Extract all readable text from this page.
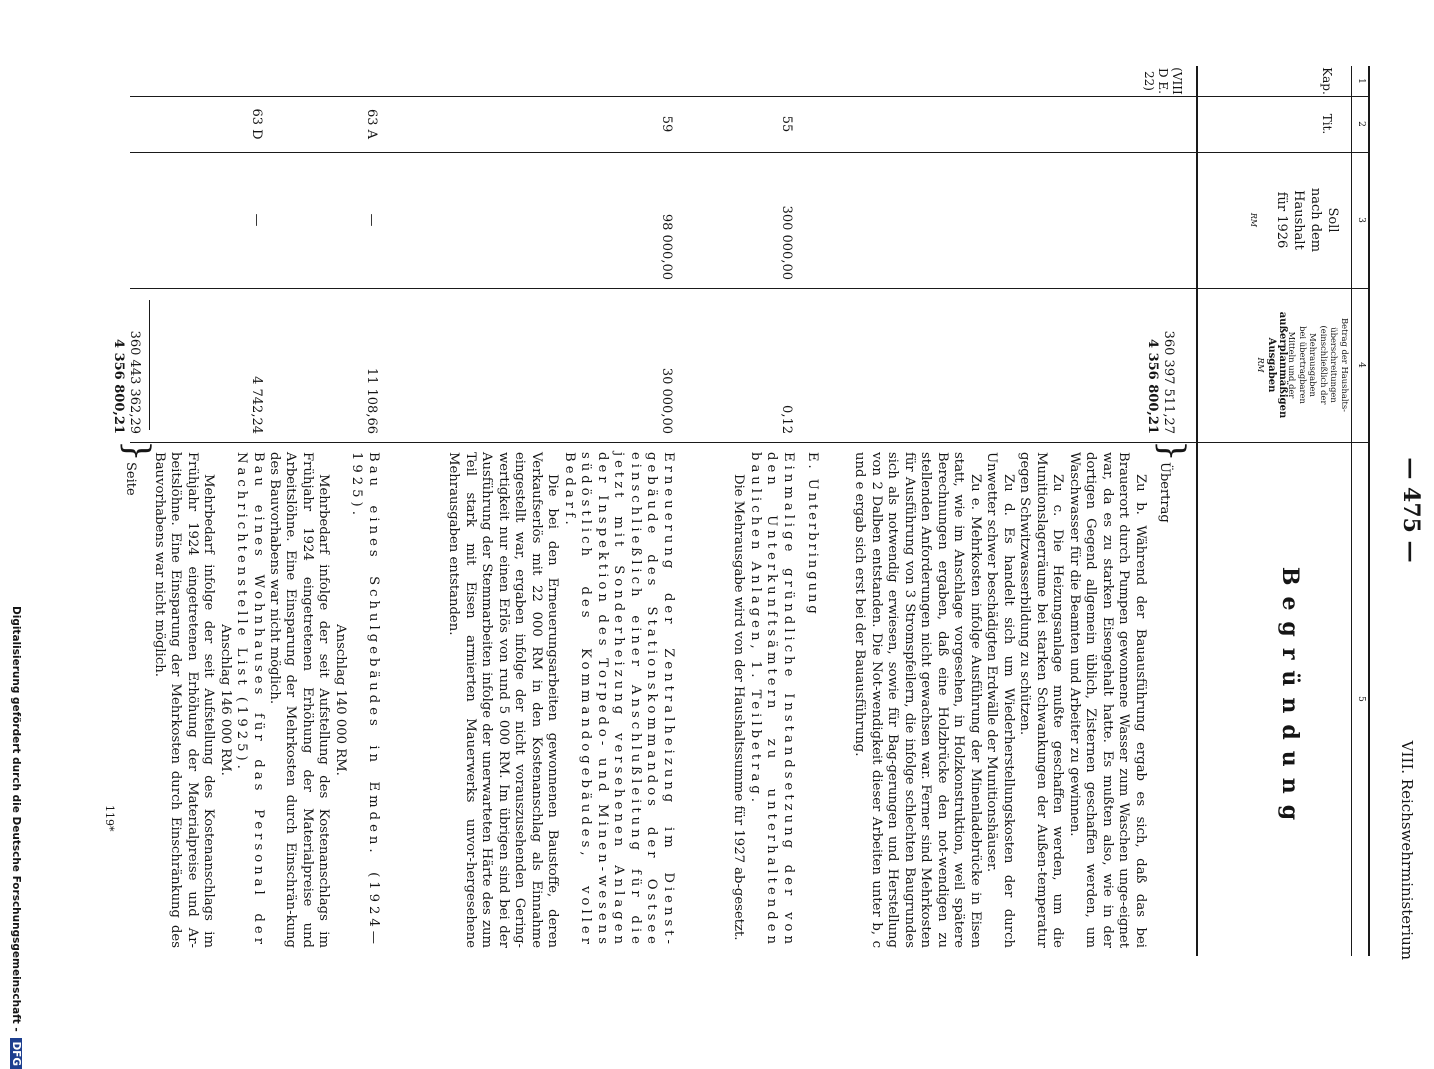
— 475 —
VIII. Reichswehrministerium
1
2
3
4
5
Kap.
Tit.
Soll
nach dem
Haushalt
für 1926
RM
Betrag der Haushalts-
überschreitungen
(einschließlich der
Mehrausgaben
bei übertragbaren
Mitteln und der
außerplanmäßigen
Ausgaben
RM
Begründung
(VIII D E. 22)
360 397 511,27
4 356 800,21
}
Übertrag

Zu b. Während der Bauausführung ergab es sich, daß das bei Brauerort durch Pumpen gewonnene Wasser zum Waschen unge-eignet war, da es zu starken Eisengehalt hatte. Es mußten also, wie in der dortigen Gegend allgemein üblich, Zisternen geschaffen werden, um Waschwasser für die Beamten und Arbeiter zu gewinnen.

Zu c. Die Heizungsanlage mußte geschaffen werden, um die Munitionslagerräume bei starken Schwankungen der Außen-temperatur gegen Schwitzwasserbildung zu schützen.

Zu d. Es handelt sich um Wiederherstellungskosten der durch Unwetter schwer beschädigten Erdwälle der Munitionshäuser.

Zu e. Mehrkosten infolge Ausführung der Minenladebrücke in Eisen statt, wie im Anschlage vorgesehen, in Holzkonstruktion, weil spätere Berechnungen ergaben, daß eine Holzbrücke den not-wendigen zu stellenden Anforderungen nicht gewachsen war. Ferner sind Mehrkosten für Ausführung von 3 Stromspfeilern, die infolge schlechten Baugrundes sich als notwendig erwiesen, sowie für Bag-gerungen und Herstellung von 2 Dalben entstanden. Die Not-wendigkeit dieser Arbeiten unter b, c und e ergab sich erst bei der Bauausführung.

E. Unterbringung
55
300 000,00
0,12

Einmalige gründliche Instandsetzung der von den Unterkunftsämtern zu unterhaltenden baulichen Anlagen, 1. Teilbetrag.

Die Mehrausgabe wird von der Haushaltssumme für 1927 ab-gesetzt.

59
98 000,00
30 000,00

Erneuerung der Zentralheizung im Dienst-gebäude des Stationskommandos der Ostsee einschließlich einer Anschlußleitung für die jetzt mit Sonderheizung versehenen Anlagen der Inspektion des Torpedo- und Minen-wesens südöstlich des Kommandogebäudes, voller Bedarf.

Die bei den Erneuerungsarbeiten gewonnenen Baustoffe, deren Verkaufserlös mit 22 000 RM in den Kostenanschlag als Einnahme eingestellt war, ergaben infolge der nicht vorauszusehenden Gering-wertigkeit nur einen Erlös von rund 5 000 RM. Im übrigen sind bei der Ausführung der Stemmarbeiten infolge der unerwarteten Härte des zum Teil stark mit Eisen armierten Mauerwerks unvor-hergesehene Mehrausgaben entstanden.

63 A
—
11 108,66

Bau eines Schulgebäudes in Emden. (1924—1925).

Anschlag 140 000 RM.

Mehrbedarf infolge der seit Aufstellung des Kostenanschlags im Frühjahr 1924 eingetretenen Erhöhung der Materialpreise und Arbeitslöhne. Eine Einsparung der Mehrkosten durch Einschrän-kung des Bauvorhabens war nicht möglich.

63 D
—
4 742,24

Bau eines Wohnhauses für das Personal der Nachrichtenstelle List (1925).

Anschlag 146 000 RM.

Mehrbedarf infolge der seit Aufstellung des Kostenanschlags im Frühjahr 1924 eingetretenen Erhöhung der Materialpreise und Ar-beitslöhne. Eine Einsparung der Mehrkosten durch Einschränkung des Bauvorhabens war nicht möglich.

360 443 362,29
4 356 800,21
}
Seite
119*
Digitalisierung gefördert durch die Deutsche Forschungsgemeinschaft - DFG
